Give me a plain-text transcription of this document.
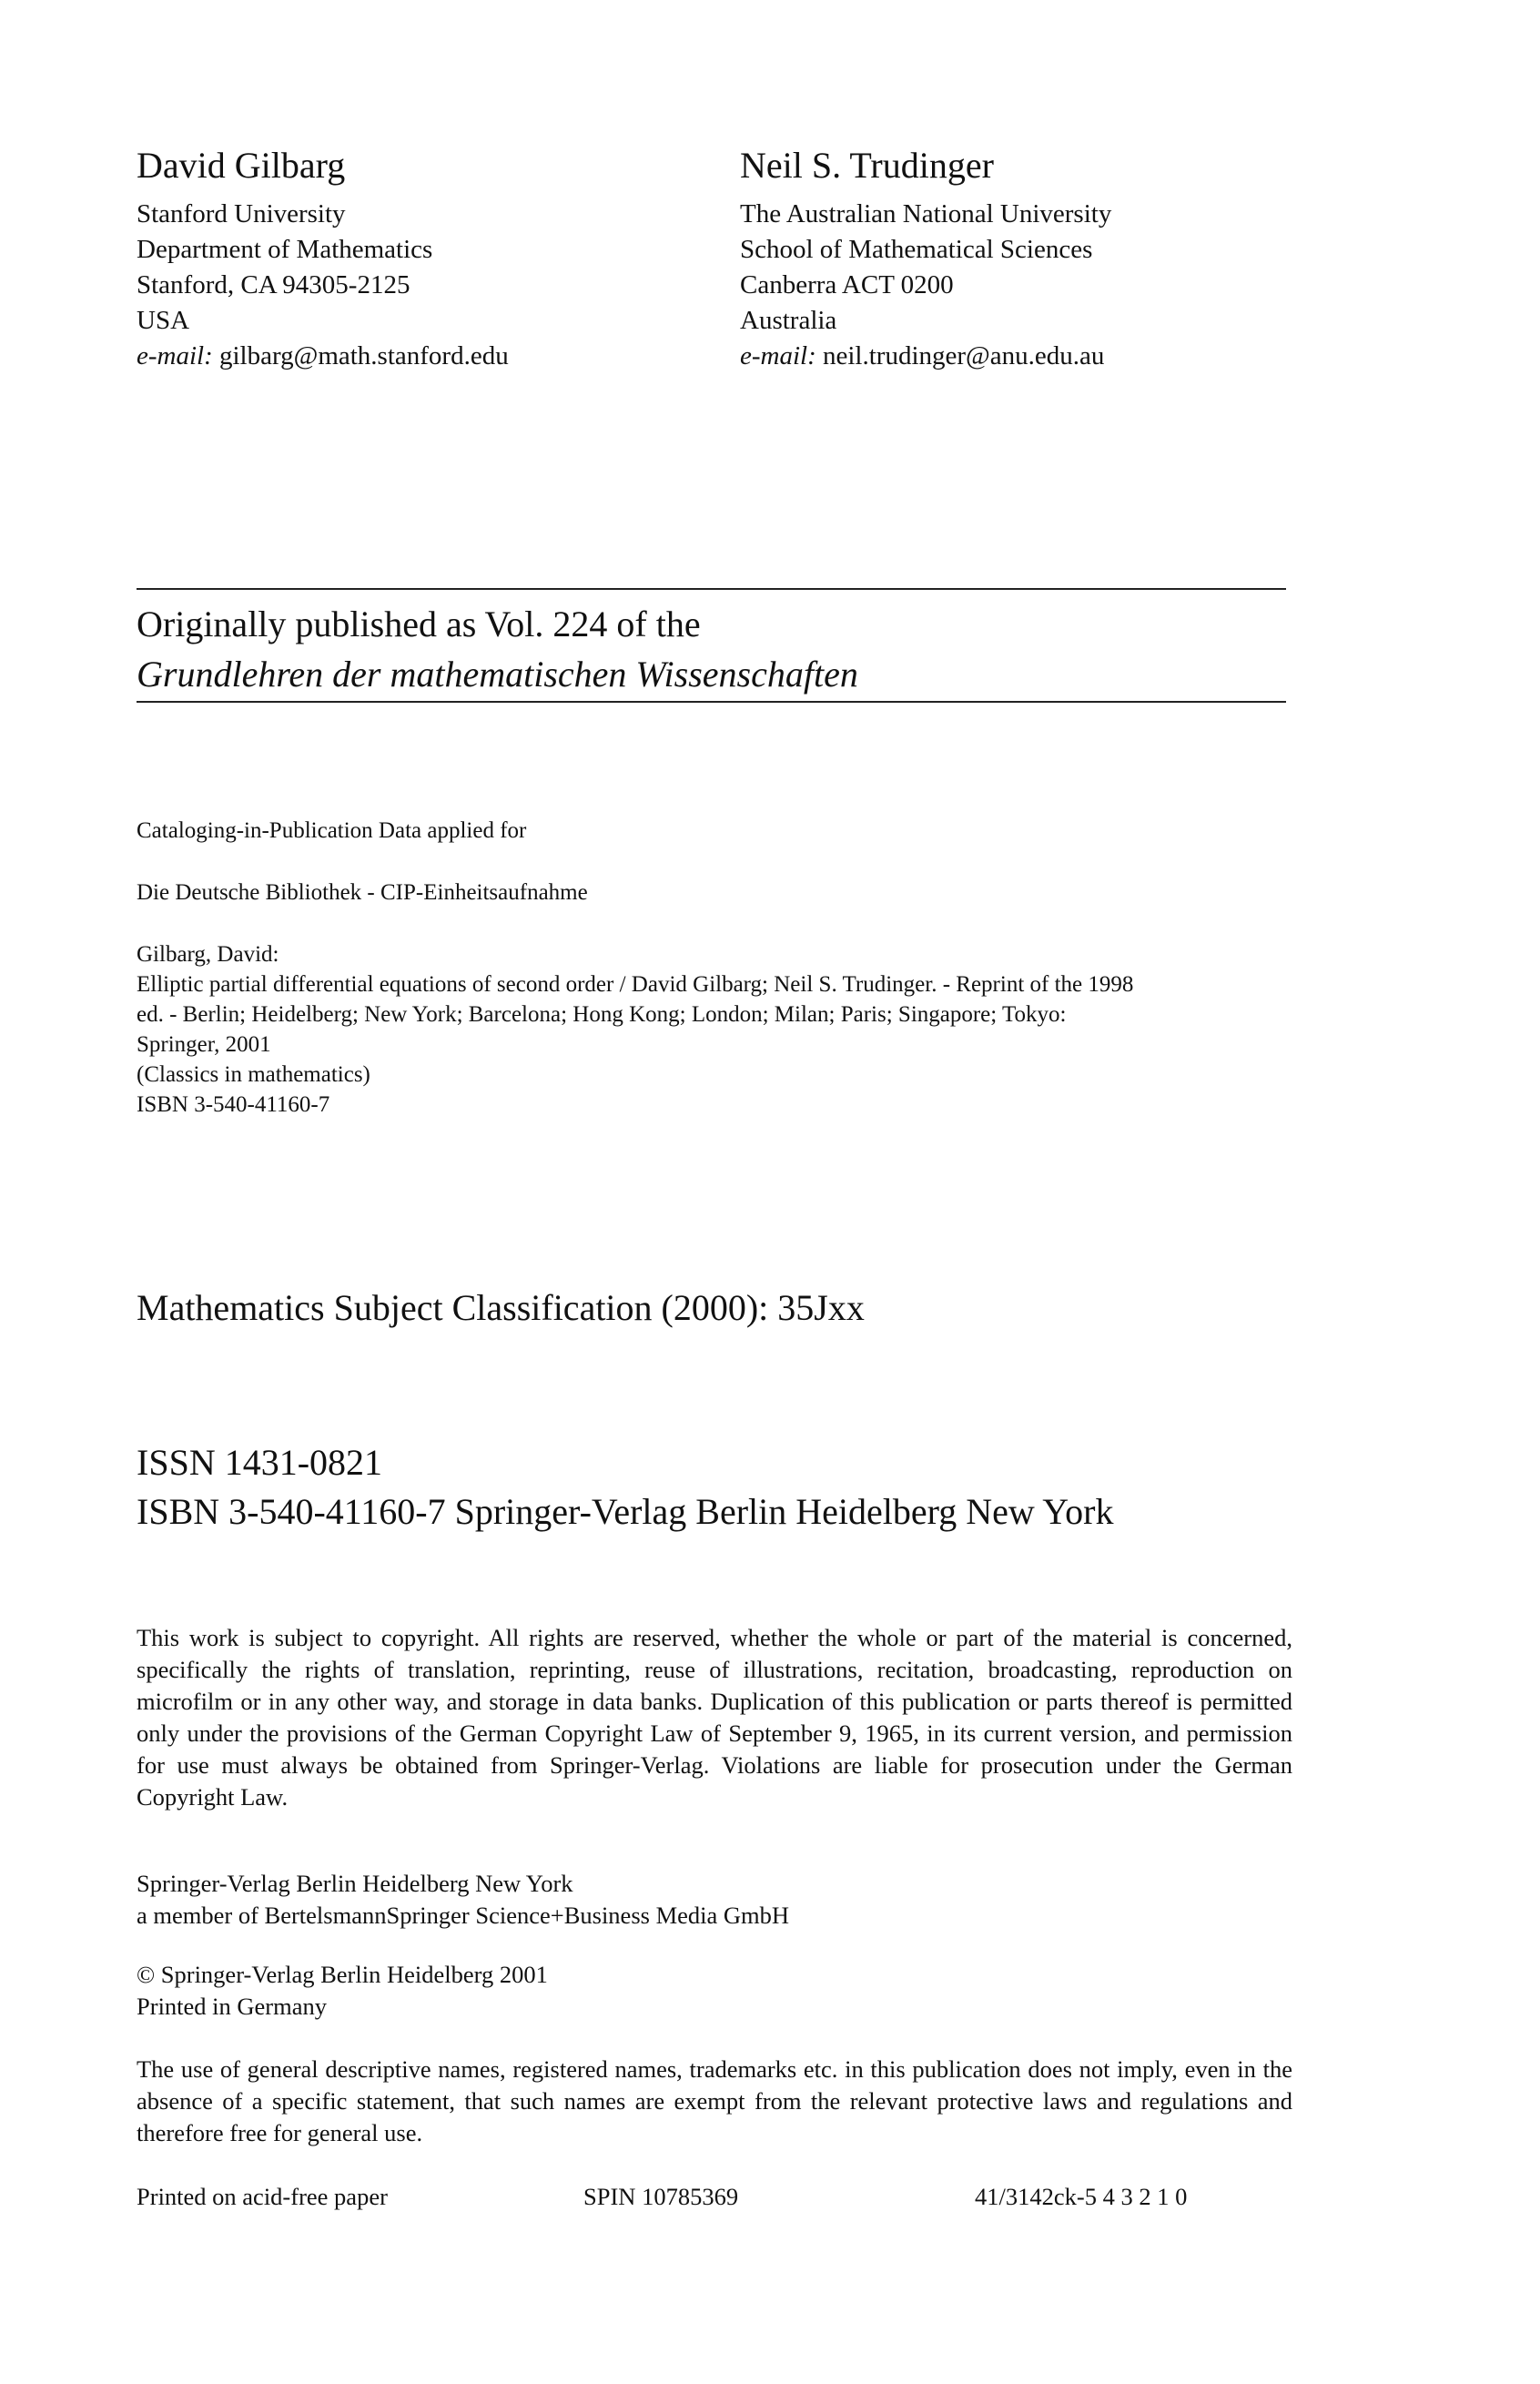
David Gilbarg
Stanford University
Department of Mathematics
Stanford, CA 94305-2125
USA
e-mail: gilbarg@math.stanford.edu
Neil S. Trudinger
The Australian National University
School of Mathematical Sciences
Canberra ACT 0200
Australia
e-mail: neil.trudinger@anu.edu.au
Originally published as Vol. 224 of the
Grundlehren der mathematischen Wissenschaften
Cataloging-in-Publication Data applied for
Die Deutsche Bibliothek - CIP-Einheitsaufnahme
Gilbarg, David:
Elliptic partial differential equations of second order / David Gilbarg; Neil S. Trudinger. - Reprint of the 1998
ed. - Berlin; Heidelberg; New York; Barcelona; Hong Kong; London; Milan; Paris; Singapore; Tokyo:
Springer, 2001
(Classics in mathematics)
ISBN 3-540-41160-7
Mathematics Subject Classification (2000): 35Jxx
ISSN 1431-0821
ISBN 3-540-41160-7 Springer-Verlag Berlin Heidelberg New York

This work is subject to copyright. All rights are reserved, whether the whole or part of the material is concerned, specifically the rights of translation, reprinting, reuse of illustrations, recitation, broadcasting, reproduction on microfilm or in any other way, and storage in data banks. Duplication of this publication or parts thereof is permitted only under the provisions of the German Copyright Law of September 9, 1965, in its current version, and permission for use must always be obtained from Springer-Verlag. Violations are liable for prosecution under the German Copyright Law.

Springer-Verlag Berlin Heidelberg New York
a member of BertelsmannSpringer Science+Business Media GmbH
© Springer-Verlag Berlin Heidelberg 2001
Printed in Germany

The use of general descriptive names, registered names, trademarks etc. in this publication does not imply, even in the absence of a specific statement, that such names are exempt from the relevant protective laws and regulations and therefore free for general use.

Printed on acid-free paper	SPIN 10785369	41/3142ck-5 4 3 2 1 0
